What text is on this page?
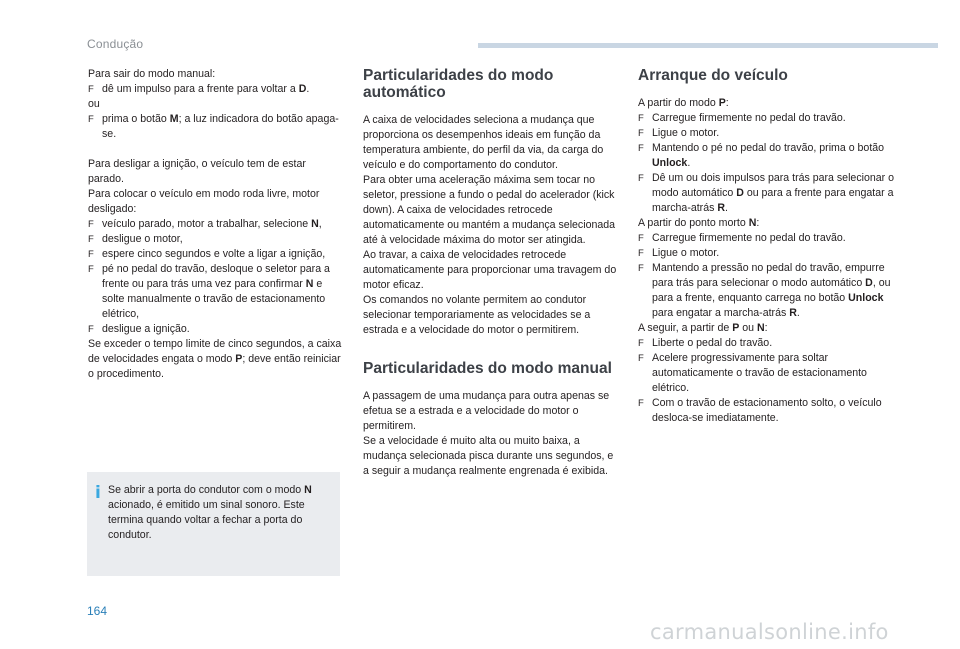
Condução

Para sair do modo manual:

F dê um impulso para a frente para voltar a D.

ou

F prima o botão M; a luz indicadora do botão apaga-se.

Para desligar a ignição, o veículo tem de estar parado.

Para colocar o veículo em modo roda livre, motor desligado:

F veículo parado, motor a trabalhar, selecione N,

F desligue o motor,

F espere cinco segundos e volte a ligar a ignição,

F pé no pedal do travão, desloque o seletor para a frente ou para trás uma vez para confirmar N e solte manualmente o travão de estacionamento elétrico,

F desligue a ignição.

Se exceder o tempo limite de cinco segundos, a caixa de velocidades engata o modo P; deve então reiniciar o procedimento.

i Se abrir a porta do condutor com o modo N acionado, é emitido um sinal sonoro. Este termina quando voltar a fechar a porta do condutor.

Particularidades do modo automático

A caixa de velocidades seleciona a mudança que proporciona os desempenhos ideais em função da temperatura ambiente, do perfil da via, da carga do veículo e do comportamento do condutor.

Para obter uma aceleração máxima sem tocar no seletor, pressione a fundo o pedal do acelerador (kick down). A caixa de velocidades retrocede automaticamente ou mantém a mudança selecionada até à velocidade máxima do motor ser atingida.

Ao travar, a caixa de velocidades retrocede automaticamente para proporcionar uma travagem do motor eficaz.

Os comandos no volante permitem ao condutor selecionar temporariamente as velocidades se a estrada e a velocidade do motor o permitirem.

Particularidades do modo manual

A passagem de uma mudança para outra apenas se efetua se a estrada e a velocidade do motor o permitirem.

Se a velocidade é muito alta ou muito baixa, a mudança selecionada pisca durante uns segundos, e a seguir a mudança realmente engrenada é exibida.

Arranque do veículo

A partir do modo P:

F Carregue firmemente no pedal do travão.

F Ligue o motor.

F Mantendo o pé no pedal do travão, prima o botão Unlock.

F Dê um ou dois impulsos para trás para selecionar o modo automático D ou para a frente para engatar a marcha-atrás R.

A partir do ponto morto N:

F Carregue firmemente no pedal do travão.

F Ligue o motor.

F Mantendo a pressão no pedal do travão, empurre para trás para selecionar o modo automático D, ou para a frente, enquanto carrega no botão Unlock para engatar a marcha-atrás R.

A seguir, a partir de P ou N:

F Liberte o pedal do travão.

F Acelere progressivamente para soltar automaticamente o travão de estacionamento elétrico.

F Com o travão de estacionamento solto, o veículo desloca-se imediatamente.

164
carmanualsonline.info
